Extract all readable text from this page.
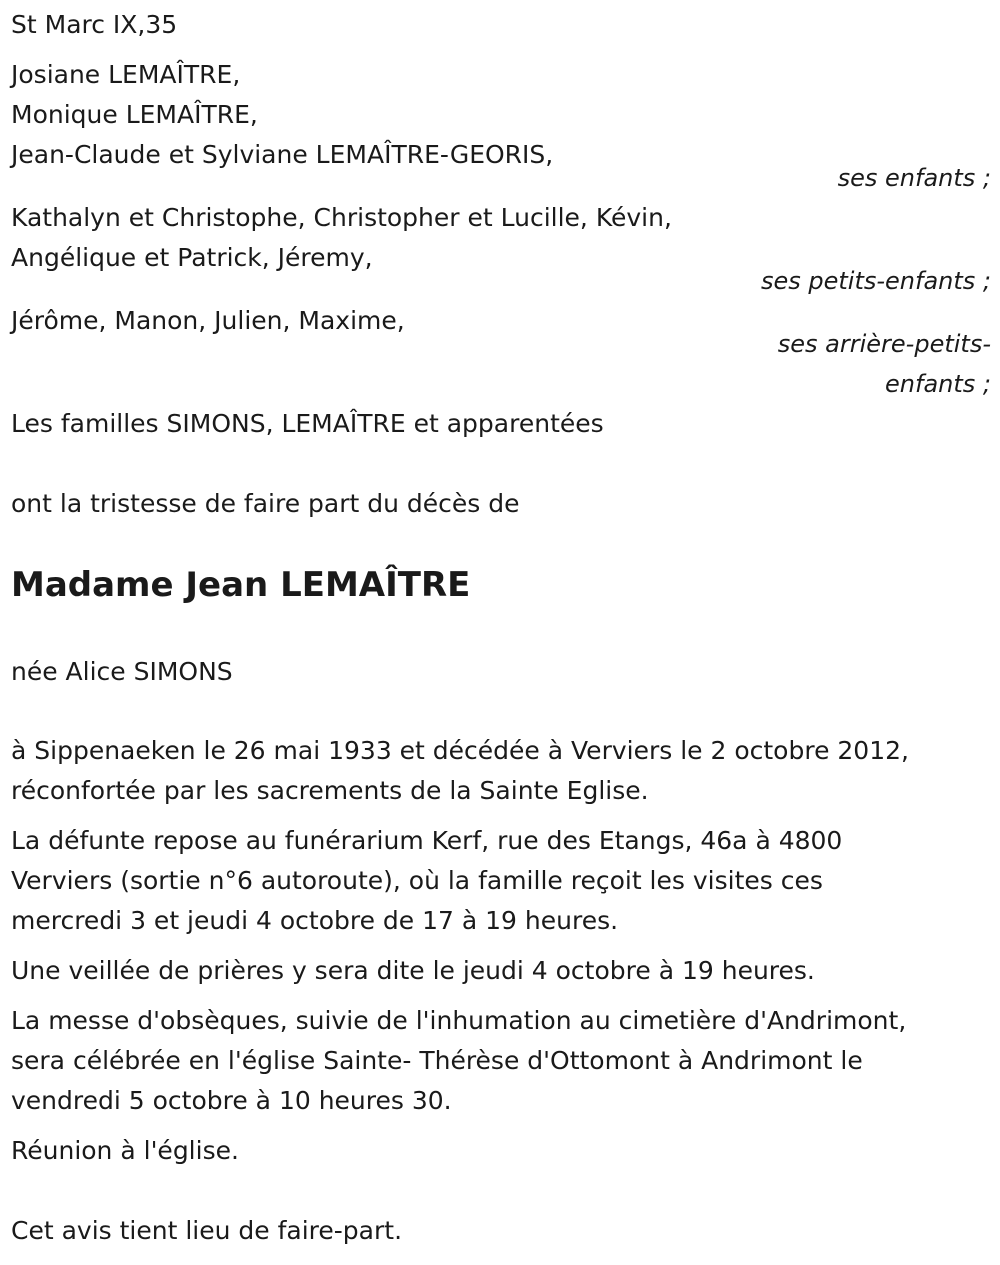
St Marc IX,35

Josiane LEMAÎTRE,

Monique LEMAÎTRE,

Jean-Claude et Sylviane LEMAÎTRE-GEORIS,

ses enfants ;

Kathalyn et Christophe, Christopher et Lucille, Kévin,

Angélique et Patrick, Jéremy,

ses petits-enfants ;

Jérôme, Manon, Julien, Maxime,

ses arrière-petits-

enfants ;

Les familles SIMONS, LEMAÎTRE et apparentées

ont la tristesse de faire part du décès de

Madame Jean LEMAÎTRE

née Alice SIMONS

à Sippenaeken le 26 mai 1933 et décédée à Verviers le 2 octobre 2012,

réconfortée par les sacrements de la Sainte Eglise.

La défunte repose au funérarium Kerf, rue des Etangs, 46a à 4800

Verviers (sortie n°6 autoroute), où la famille reçoit les visites ces

mercredi 3 et jeudi 4 octobre de 17 à 19 heures.

Une veillée de prières y sera dite le jeudi 4 octobre à 19 heures.

La messe d'obsèques, suivie de l'inhumation au cimetière d'Andrimont,

sera célébrée en l'église Sainte- Thérèse d'Ottomont à Andrimont le

vendredi 5 octobre à 10 heures 30.

Réunion à l'église.

Cet avis tient lieu de faire-part.
